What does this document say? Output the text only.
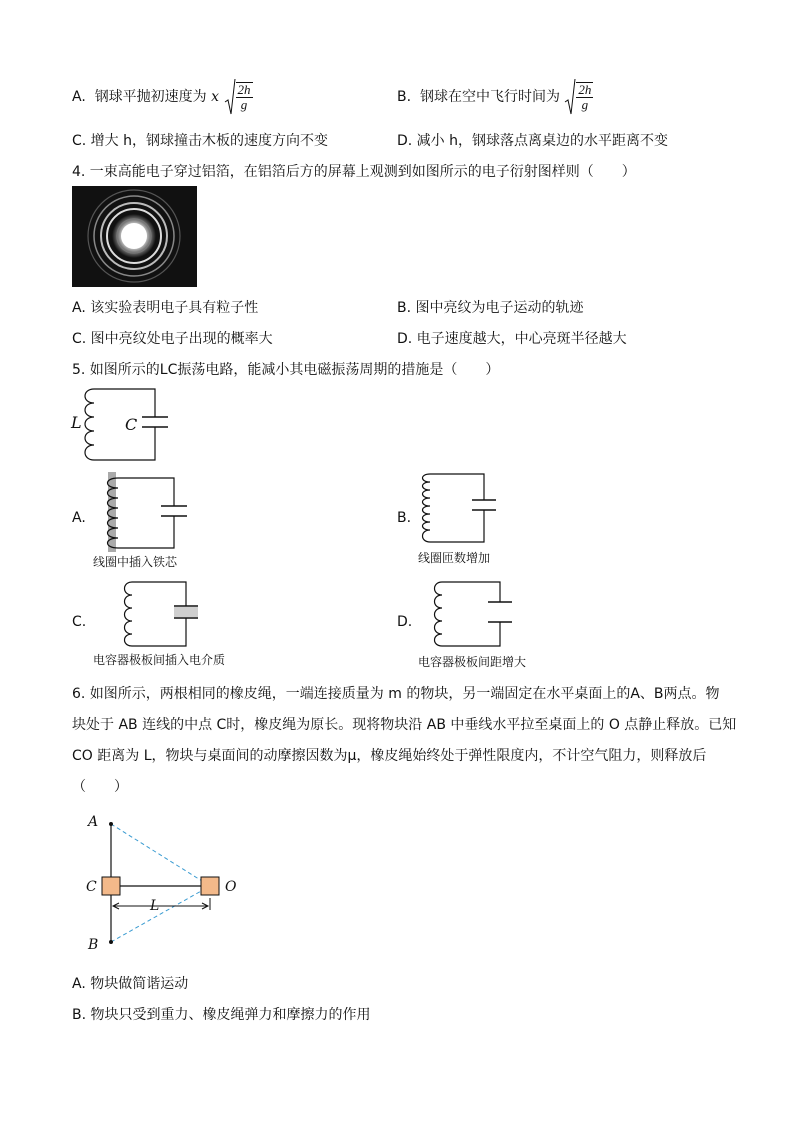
A. 钢球平抛初速度为 x $\frac{2h}{g}$	B. 钢球在空中飞行时间为 $\frac{2h}{g}$
C. 增大 h，钢球撞击木板的速度方向不变	D. 减小 h，钢球落点离桌边的水平距离不变
4. 一束高能电子穿过铝箔，在铝箔后方的屏幕上观测到如图所示的电子衍射图样则（　　）
A. 该实验表明电子具有粒子性	B. 图中亮纹为电子运动的轨迹
C. 图中亮纹处电子出现的概率大	D. 电子速度越大，中心亮斑半径越大
5. 如图所示的LC振荡电路，能减小其电磁振荡周期的措施是（　　）
L	C
A.
线圈中插入铁芯
B.
线圈匝数增加
C.
电容器极板间插入电介质
D.
电容器极板间距增大
6. 如图所示，两根相同的橡皮绳，一端连接质量为 m 的物块，另一端固定在水平桌面上的A、B两点。物
块处于 AB 连线的中点 C时，橡皮绳为原长。现将物块沿 AB 中垂线水平拉至桌面上的 O 点静止释放。已知
CO 距离为 L，物块与桌面间的动摩擦因数为μ，橡皮绳始终处于弹性限度内，不计空气阻力，则释放后
（　　）
A
C	O
B
L
A. 物块做简谐运动
B. 物块只受到重力、橡皮绳弹力和摩擦力的作用
